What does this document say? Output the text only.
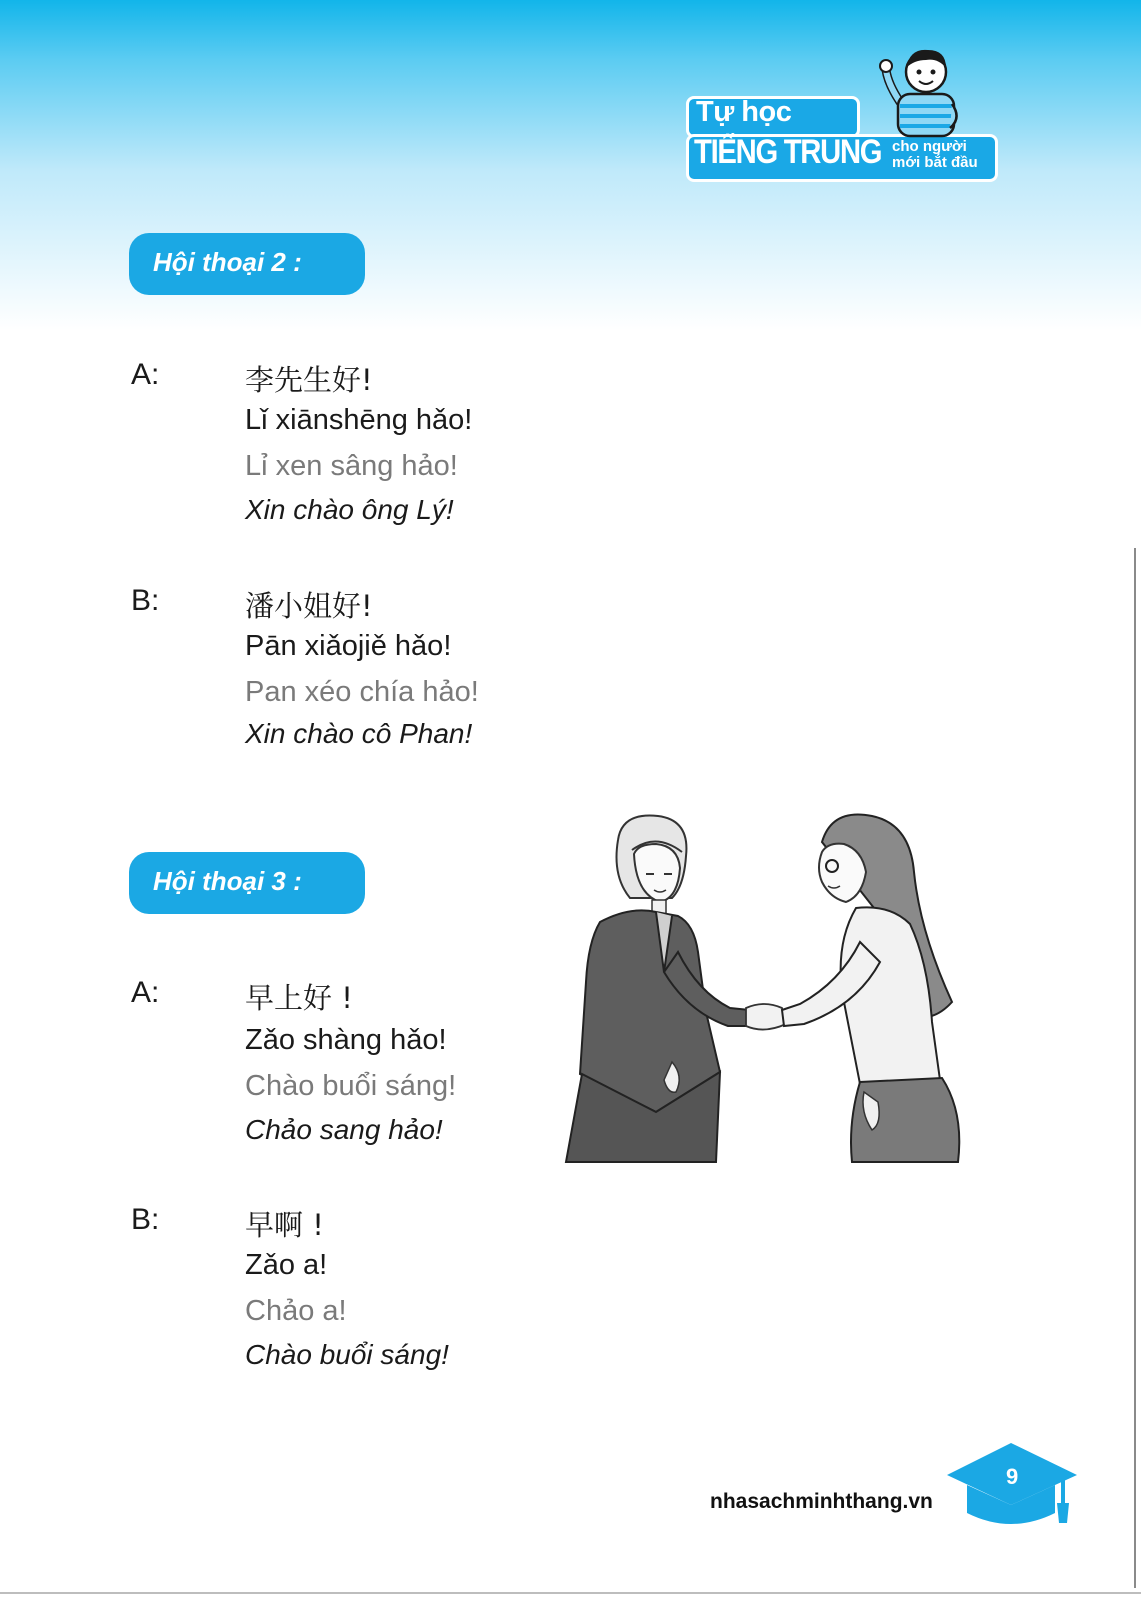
Tự học
TIẾNG TRUNG cho người
mới bắt đầu
Hội thoại 2 :
A:	李先生好!
Lǐ xiānshēng hǎo!
Lỉ xen sâng hảo!
Xin chào ông Lý!
B:	潘小姐好!
Pān xiǎojiě hǎo!
Pan xéo chía hảo!
Xin chào cô Phan!
Hội thoại 3 :
A:	早上好 !
Zǎo shàng hǎo!
Chào buổi sáng!
Chảo sang hảo!
B:	早啊 !
Zǎo a!
Chảo a!
Chào buổi sáng!
nhasachminhthang.vn
9
